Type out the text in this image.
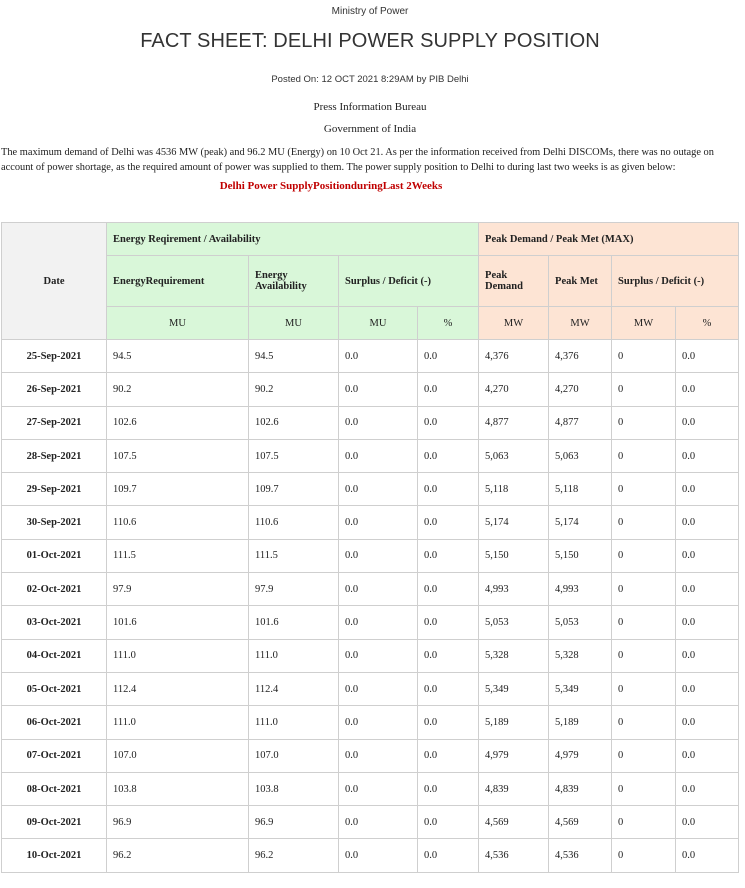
Ministry of Power
FACT SHEET: DELHI POWER SUPPLY POSITION
Posted On: 12 OCT 2021 8:29AM by PIB Delhi
Press Information Bureau
Government of India

The maximum demand of Delhi was 4536 MW (peak) and 96.2 MU (Energy) on 10 Oct 21. As per the information received from Delhi DISCOMs, there was no outage on account of power shortage, as the required amount of power was supplied to them. The power supply position to Delhi to during last two weeks is as given below:

Delhi Power SupplyPositionduringLast 2Weeks
Date	Energy Reqirement / Availability				Peak Demand / Peak Met (MAX)			
	EnergyRequirement	Energy Availability	Surplus / Deficit (-)		Peak Demand	Peak Met	Surplus / Deficit (-)	
	MU	MU	MU	%	MW	MW	MW	%
25-Sep-2021	94.5	94.5	0.0	0.0	4,376	4,376	0	0.0
26-Sep-2021	90.2	90.2	0.0	0.0	4,270	4,270	0	0.0
27-Sep-2021	102.6	102.6	0.0	0.0	4,877	4,877	0	0.0
28-Sep-2021	107.5	107.5	0.0	0.0	5,063	5,063	0	0.0
29-Sep-2021	109.7	109.7	0.0	0.0	5,118	5,118	0	0.0
30-Sep-2021	110.6	110.6	0.0	0.0	5,174	5,174	0	0.0
01-Oct-2021	111.5	111.5	0.0	0.0	5,150	5,150	0	0.0
02-Oct-2021	97.9	97.9	0.0	0.0	4,993	4,993	0	0.0
03-Oct-2021	101.6	101.6	0.0	0.0	5,053	5,053	0	0.0
04-Oct-2021	111.0	111.0	0.0	0.0	5,328	5,328	0	0.0
05-Oct-2021	112.4	112.4	0.0	0.0	5,349	5,349	0	0.0
06-Oct-2021	111.0	111.0	0.0	0.0	5,189	5,189	0	0.0
07-Oct-2021	107.0	107.0	0.0	0.0	4,979	4,979	0	0.0
08-Oct-2021	103.8	103.8	0.0	0.0	4,839	4,839	0	0.0
09-Oct-2021	96.9	96.9	0.0	0.0	4,569	4,569	0	0.0
10-Oct-2021	96.2	96.2	0.0	0.0	4,536	4,536	0	0.0
